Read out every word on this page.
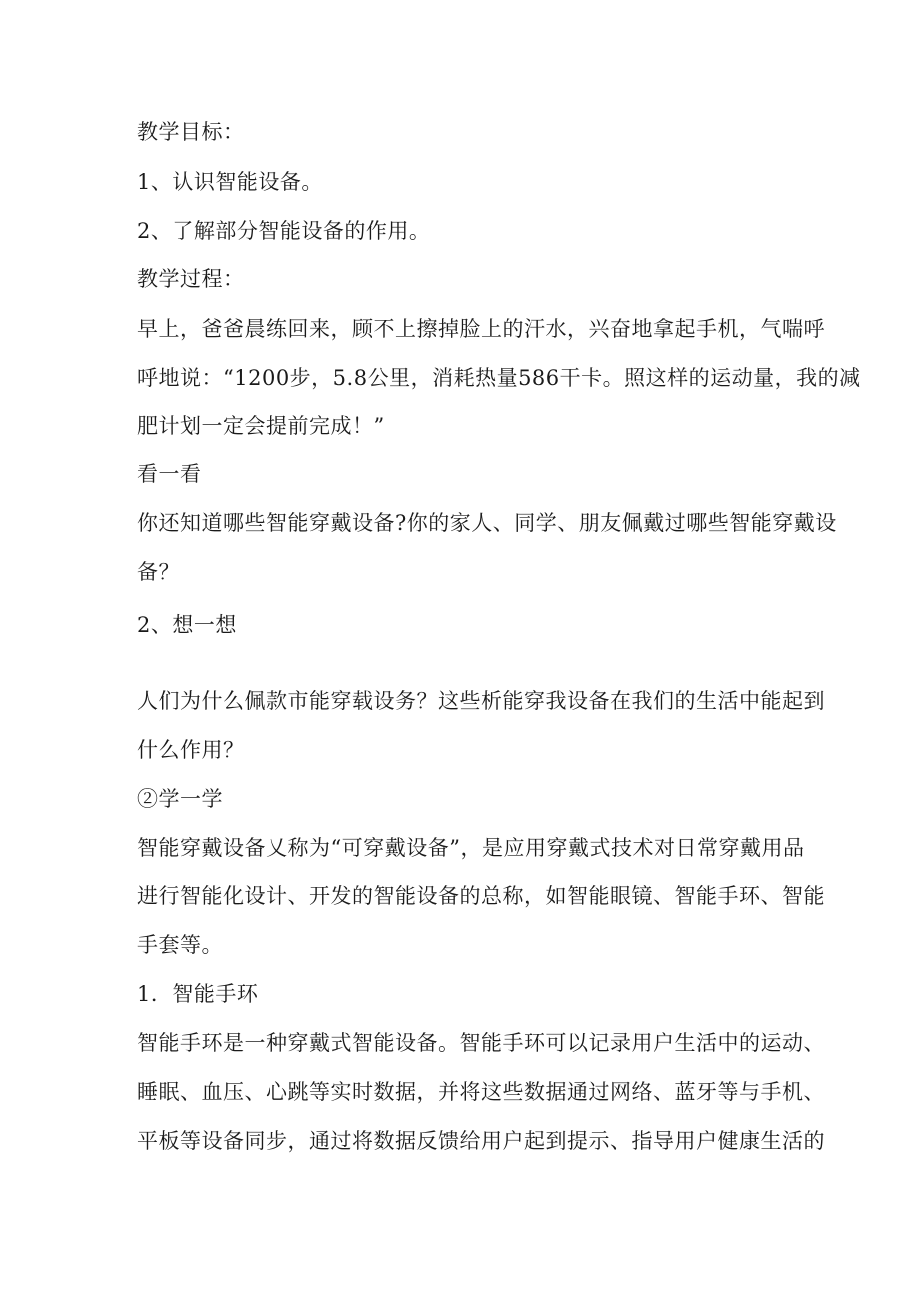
教学目标：
1、认识智能设备。
2、了解部分智能设备的作用。
教学过程：
早上，爸爸晨练回来，顾不上擦掉脸上的汗水，兴奋地拿起手机，气喘呼
呼地说：“1200步，5.8公里，消耗热量586干卡。照这样的运动量，我的减
肥计划一定会提前完成！”
看一看
你还知道哪些智能穿戴设备?你的家人、同学、朋友佩戴过哪些智能穿戴设
备？
2、想一想
人们为什么佩款市能穿载设务？这些析能穿我设备在我们的生活中能起到
什么作用？
②学一学
智能穿戴设备乂称为“可穿戴设备”，是应用穿戴式技术对日常穿戴用品
进行智能化设计、开发的智能设备的总称，如智能眼镜、智能手环、智能
手套等。
1．智能手环
智能手环是一种穿戴式智能设备。智能手环可以记录用户生活中的运动、
睡眠、血压、心跳等实时数据，并将这些数据通过网络、蓝牙等与手机、
平板等设备同步，通过将数据反馈给用户起到提示、指导用户健康生活的
